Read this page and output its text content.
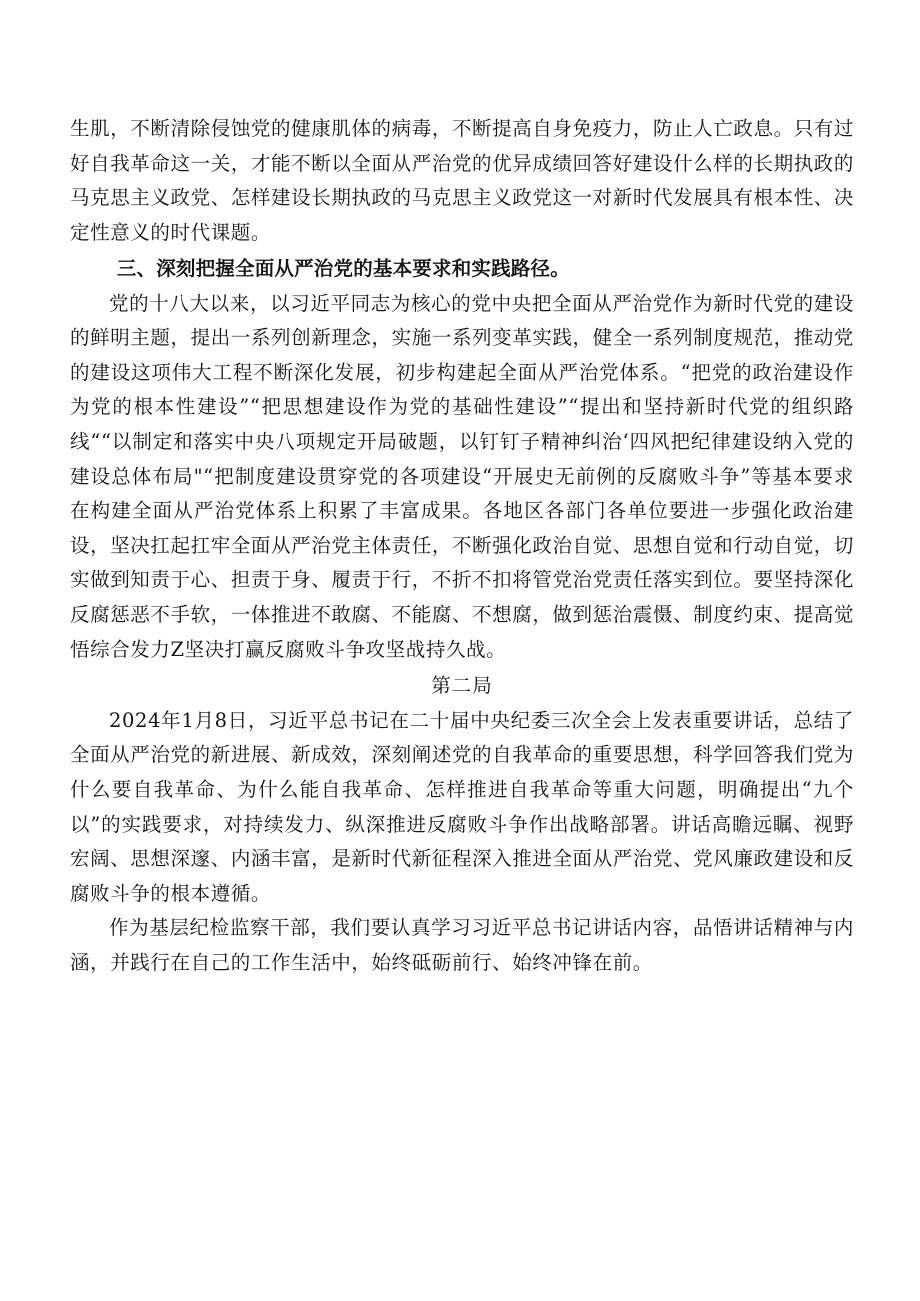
生肌，不断清除侵蚀党的健康肌体的病毒，不断提高自身免疫力，防止人亡政息。只有过好自我革命这一关，才能不断以全面从严治党的优异成绩回答好建设什么样的长期执政的马克思主义政党、怎样建设长期执政的马克思主义政党这一对新时代发展具有根本性、决定性意义的时代课题。

三、深刻把握全面从严治党的基本要求和实践路径。

党的十八大以来，以习近平同志为核心的党中央把全面从严治党作为新时代党的建设的鲜明主题，提出一系列创新理念，实施一系列变革实践，健全一系列制度规范，推动党的建设这项伟大工程不断深化发展，初步构建起全面从严治党体系。“把党的政治建设作为党的根本性建设”“把思想建设作为党的基础性建设”“提出和坚持新时代党的组织路线““以制定和落实中央八项规定开局破题，以钉钉子精神纠治‘四风把纪律建设纳入党的建设总体布局"“把制度建设贯穿党的各项建设“开展史无前例的反腐败斗争”等基本要求在构建全面从严治党体系上积累了丰富成果。各地区各部门各单位要进一步强化政治建设，坚决扛起扛牢全面从严治党主体责任，不断强化政治自觉、思想自觉和行动自觉，切实做到知责于心、担责于身、履责于行，不折不扣将管党治党责任落实到位。要坚持深化反腐惩恶不手软，一体推进不敢腐、不能腐、不想腐，做到惩治震慑、制度约束、提高觉悟综合发力Z坚决打赢反腐败斗争攻坚战持久战。

第二局

2024年1月8日，习近平总书记在二十届中央纪委三次全会上发表重要讲话，总结了全面从严治党的新进展、新成效，深刻阐述党的自我革命的重要思想，科学回答我们党为什么要自我革命、为什么能自我革命、怎样推进自我革命等重大问题，明确提出“九个以”的实践要求，对持续发力、纵深推进反腐败斗争作出战略部署。讲话高瞻远瞩、视野宏阔、思想深邃、内涵丰富，是新时代新征程深入推进全面从严治党、党风廉政建设和反腐败斗争的根本遵循。

作为基层纪检监察干部，我们要认真学习习近平总书记讲话内容，品悟讲话精神与内涵，并践行在自己的工作生活中，始终砥砺前行、始终冲锋在前。
